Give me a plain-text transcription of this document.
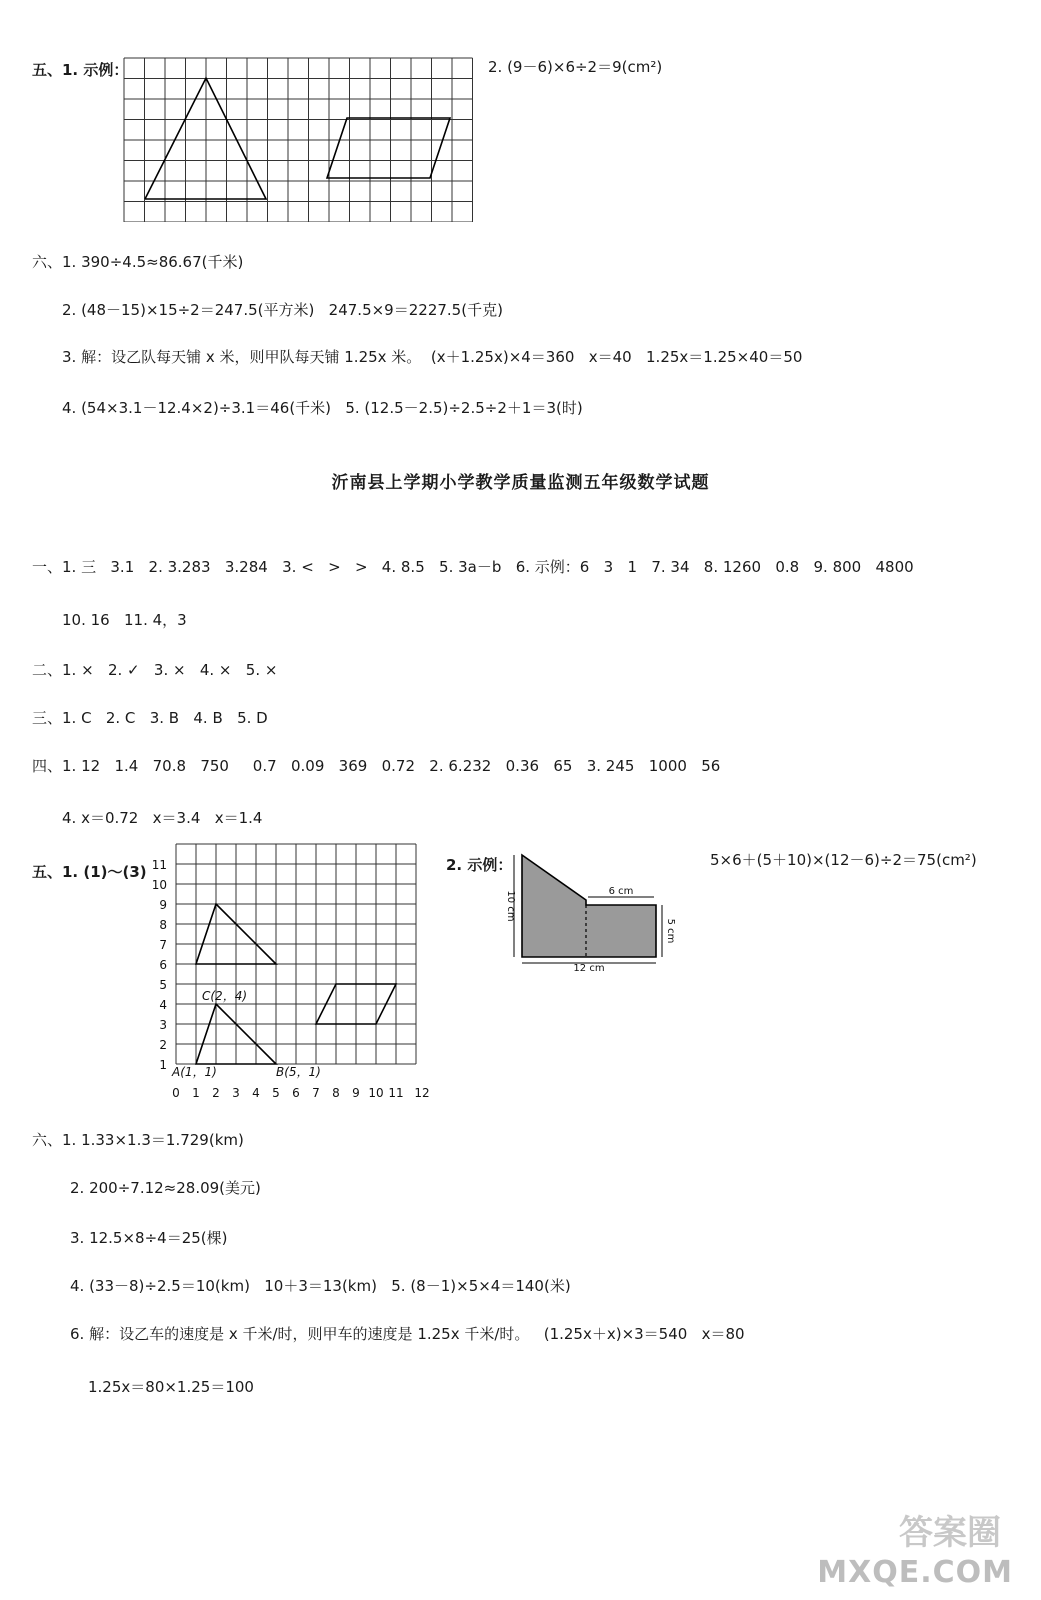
五、1. 示例：	2. (9－6)×6÷2＝9(cm²)
六、1. 390÷4.5≈86.67(千米)
2. (48－15)×15÷2＝247.5(平方米)   247.5×9＝2227.5(千克)
3. 解：设乙队每天铺 x 米，则甲队每天铺 1.25x 米。  (x＋1.25x)×4＝360   x＝40   1.25x＝1.25×40＝50
4. (54×3.1－12.4×2)÷3.1＝46(千米)   5. (12.5－2.5)÷2.5÷2＋1＝3(时)
沂南县上学期小学教学质量监测五年级数学试题
一、1. 三   3.1   2. 3.283   3.284   3. <   >   >   4. 8.5   5. 3a－b   6. 示例：6   3   1   7. 34   8. 1260   0.8   9. 800   4800
10. 16   11. 4，3
二、1. ×   2. ✓   3. ×   4. ×   5. ×
三、1. C   2. C   3. B   4. B   5. D
四、1. 12   1.4   70.8   750     0.7   0.09   369   0.72   2. 6.232   0.36   65   3. 245   1000   56
4. x＝0.72   x＝3.4   x＝1.4
五、1. (1)～(3)
1
2
3
4
5
6
7
8
9
10
11
0 1 2 3 4 5 6 7 8 9 10 11 12
A(1，1)	B(5，1)
C(2，4)
2. 示例：
6 cm
12 cm
10 cm
5 cm
5×6＋(5＋10)×(12－6)÷2＝75(cm²)
六、1. 1.33×1.3＝1.729(km)
2. 200÷7.12≈28.09(美元)
3. 12.5×8÷4＝25(棵)
4. (33－8)÷2.5＝10(km)   10＋3＝13(km)   5. (8－1)×5×4＝140(米)
6. 解：设乙车的速度是 x 千米/时，则甲车的速度是 1.25x 千米/时。   (1.25x＋x)×3＝540   x＝80
1.25x＝80×1.25＝100
答案圈
MXQE.COM
